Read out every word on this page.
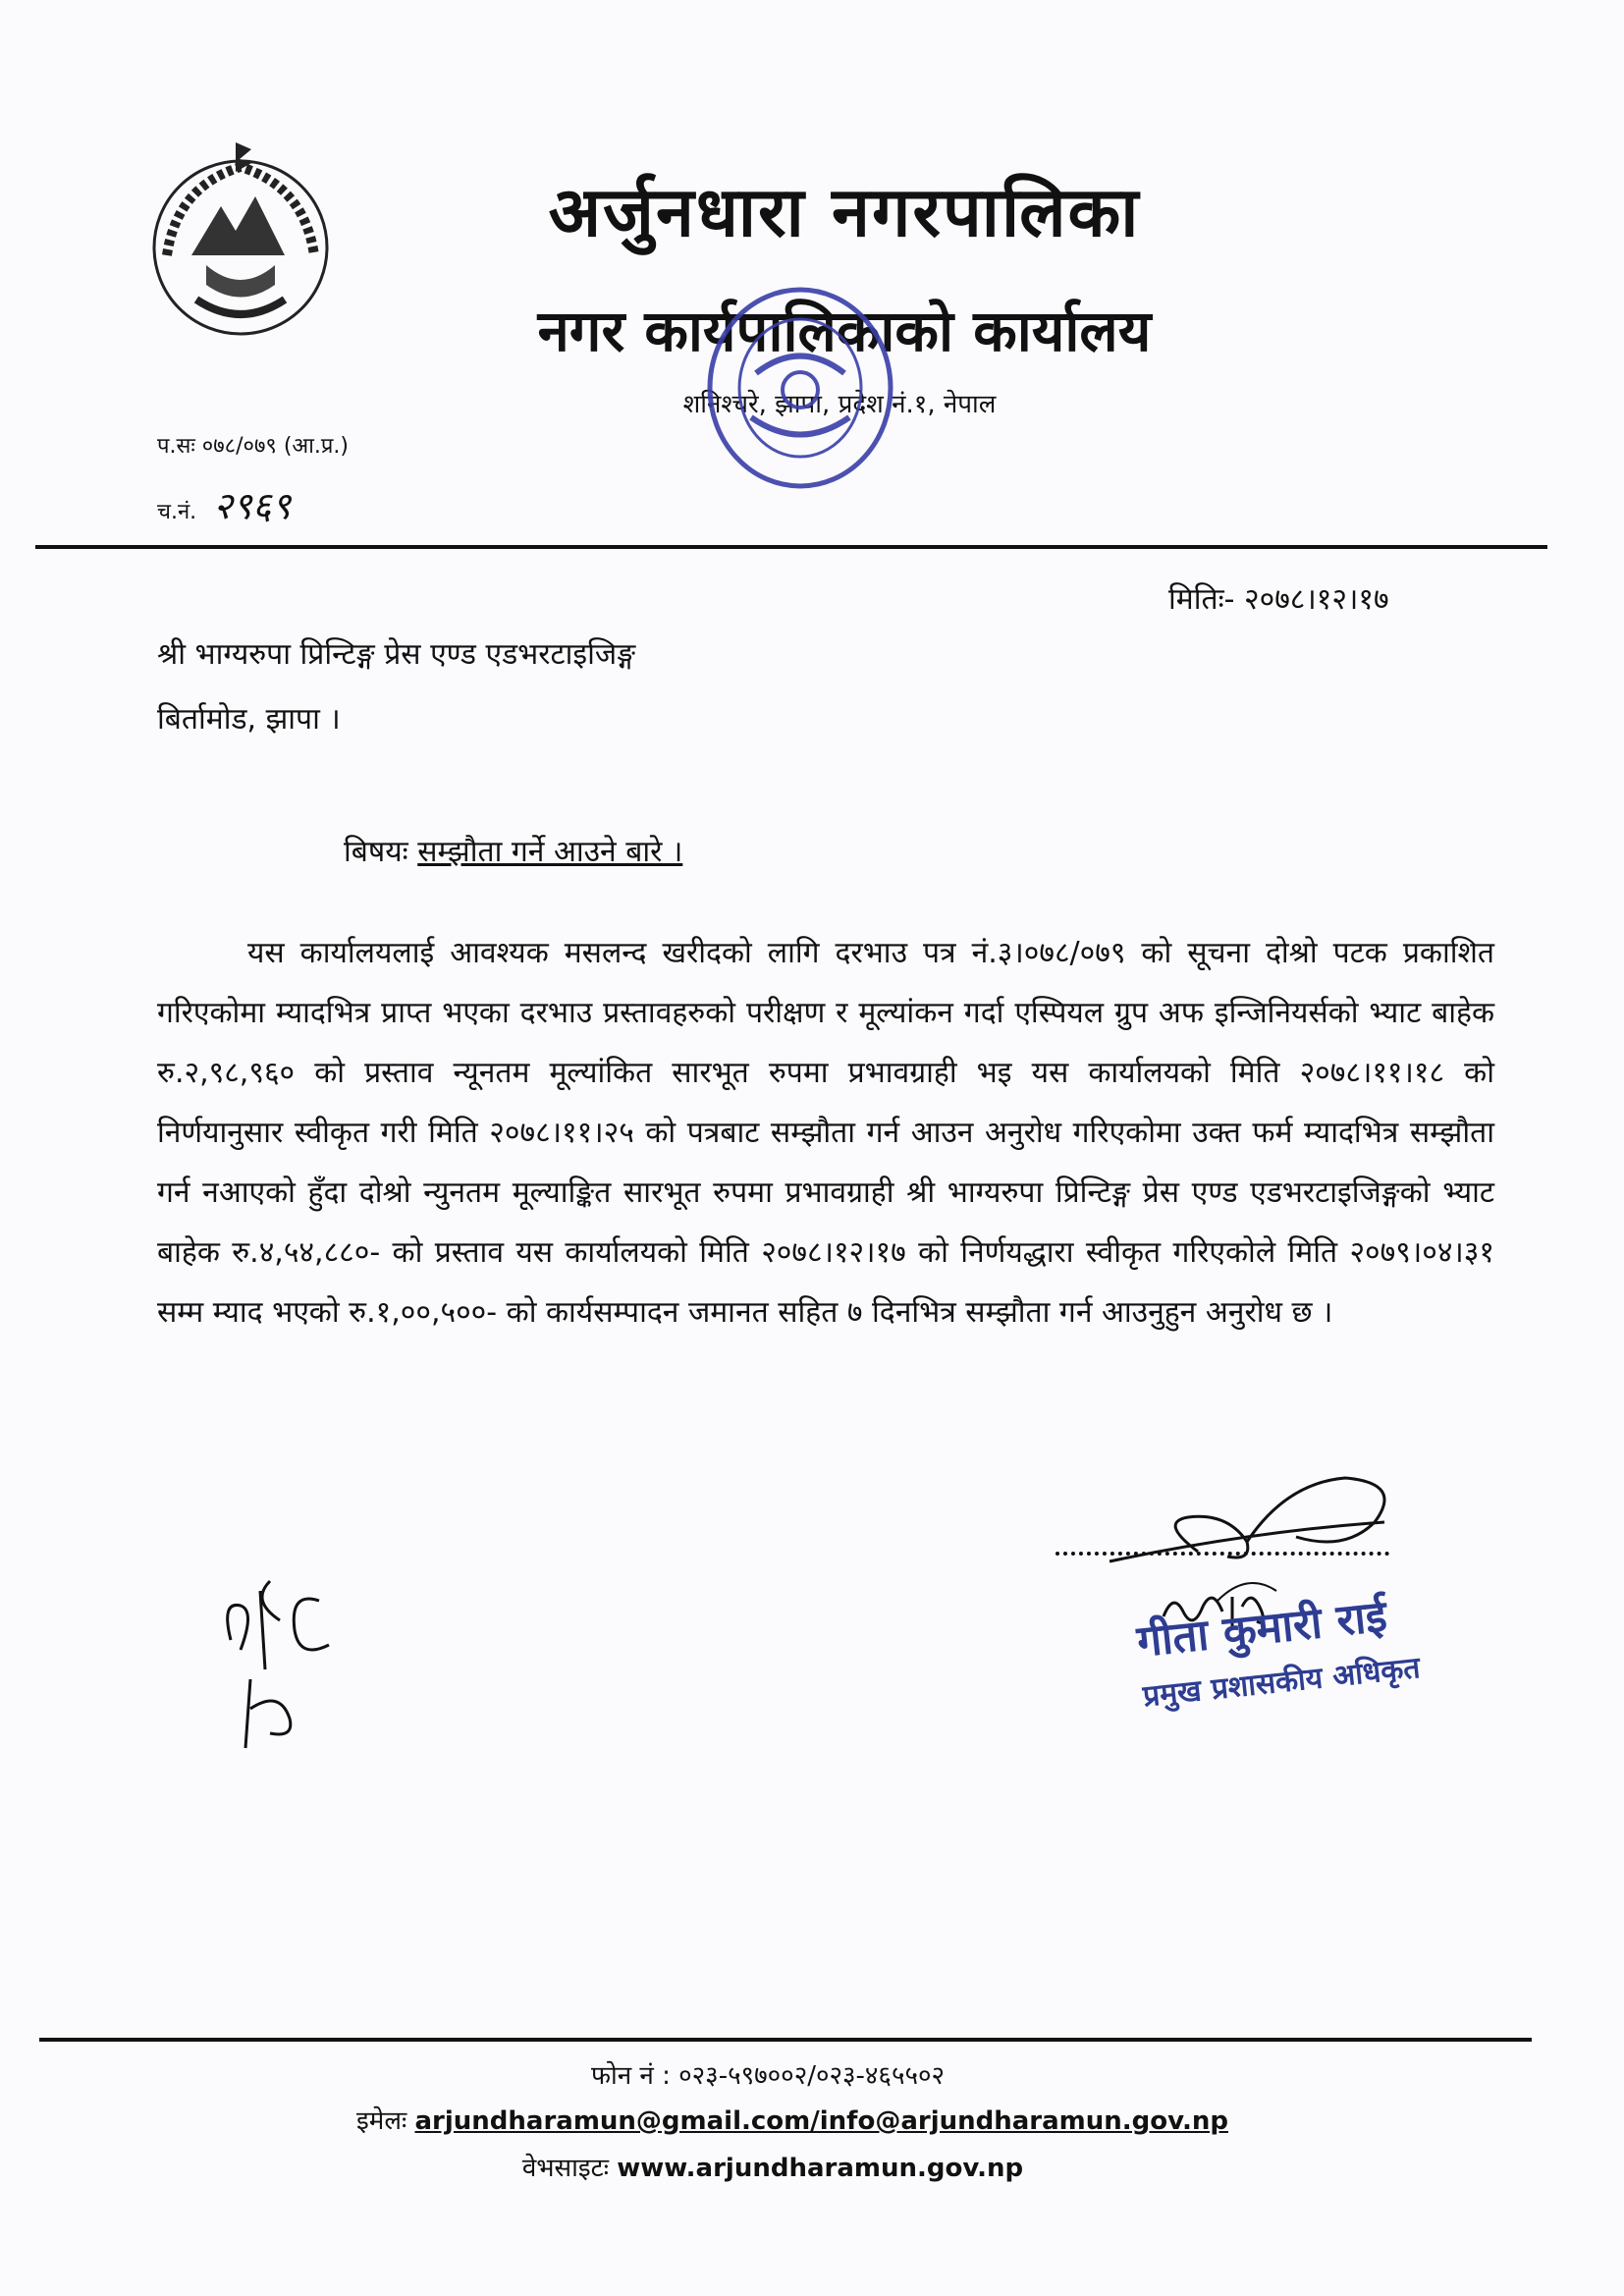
अर्जुनधारा नगरपालिका
नगर कार्यपालिकाको कार्यालय
शनिश्चरे, झापा, प्रदेश नं.१, नेपाल
प.सः ०७८/०७९ (आ.प्र.)
च.नं. २९६९
मितिः- २०७८।१२।१७
श्री भाग्यरुपा प्रिन्टिङ्ग प्रेस एण्ड एडभरटाइजिङ्ग
बिर्तामोड, झापा ।
बिषयः सम्झौता गर्ने आउने बारे ।

यस कार्यालयलाई आवश्यक मसलन्द खरीदको लागि दरभाउ पत्र नं.३।०७८/०७९ को सूचना दोश्रो पटक प्रकाशित गरिएकोमा म्यादभित्र प्राप्त भएका दरभाउ प्रस्तावहरुको परीक्षण र मूल्यांकन गर्दा एस्पियल ग्रुप अफ इन्जिनियर्सको भ्याट बाहेक रु.२,९८,९६० को प्रस्ताव न्यूनतम मूल्यांकित सारभूत रुपमा प्रभावग्राही भइ यस कार्यालयको मिति २०७८।११।१८ को निर्णयानुसार स्वीकृत गरी मिति २०७८।११।२५ को पत्रबाट सम्झौता गर्न आउन अनुरोध गरिएकोमा उक्त फर्म म्यादभित्र सम्झौता गर्न नआएको हुँदा दोश्रो न्युनतम मूल्याङ्कित सारभूत रुपमा प्रभावग्राही श्री भाग्यरुपा प्रिन्टिङ्ग प्रेस एण्ड एडभरटाइजिङ्गको भ्याट बाहेक रु.४,५४,८८०- को प्रस्ताव यस कार्यालयको मिति २०७८।१२।१७ को निर्णयद्धारा स्वीकृत गरिएकोले मिति २०७९।०४।३१ सम्म म्याद भएको रु.१,००,५००- को कार्यसम्पादन जमानत सहित ७ दिनभित्र सम्झौता गर्न आउनुहुन अनुरोध छ ।

गीता कुमारी राई
प्रमुख प्रशासकीय अधिकृत
फोन नं : ०२३-५९७००२/०२३-४६५५०२
इमेलः arjundharamun@gmail.com/info@arjundharamun.gov.np
वेभसाइटः www.arjundharamun.gov.np
